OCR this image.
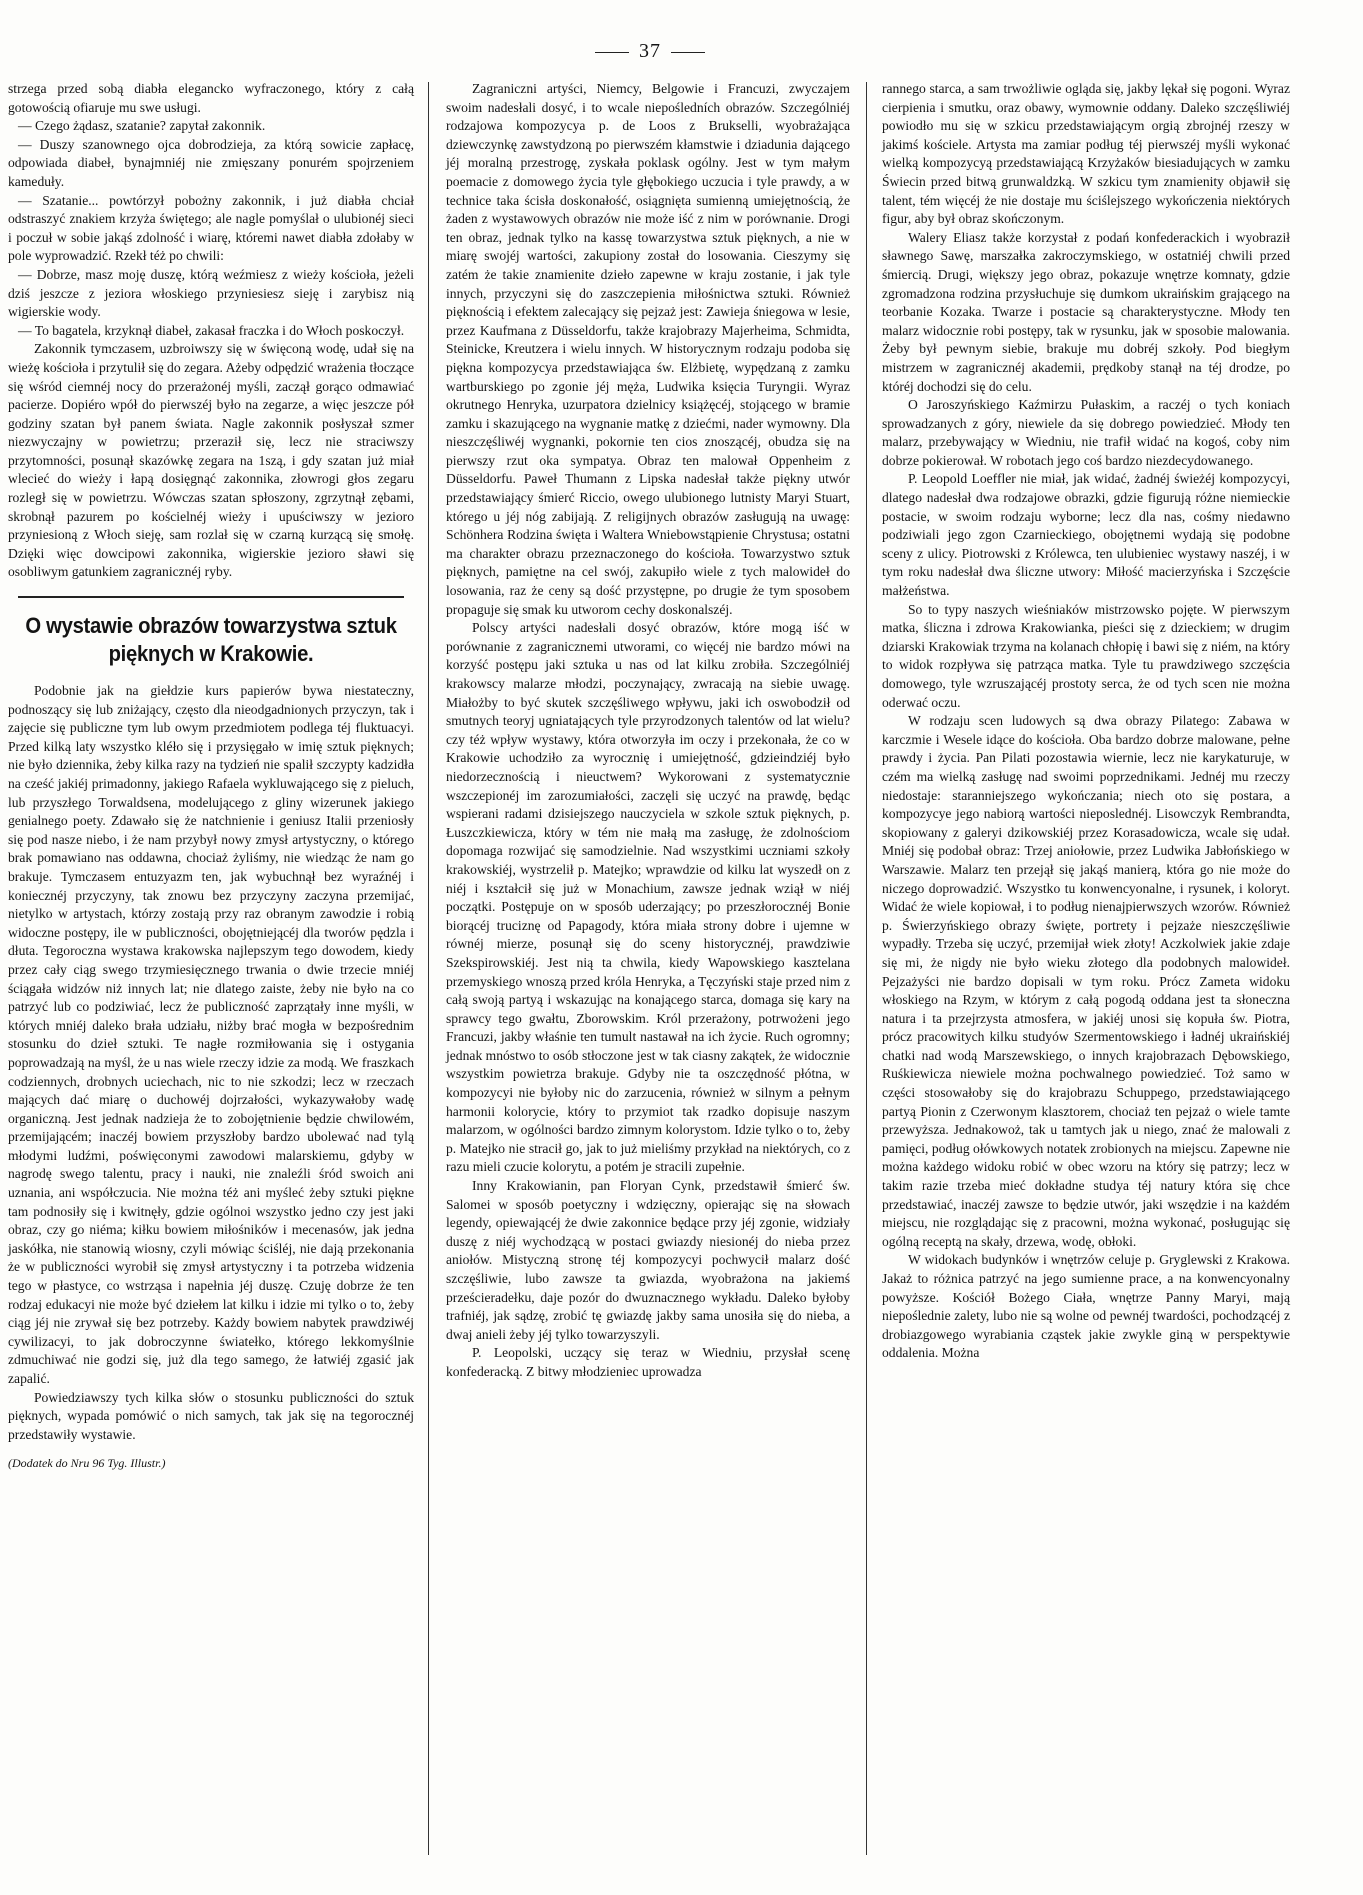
37

strzega przed sobą diabła elegancko wyfraczonego, który z całą gotowością ofiaruje mu swe usługi.

— Czego żądasz, szatanie? zapytał zakonnik.

— Duszy szanownego ojca dobrodzieja, za którą sowicie zapłacę, odpowiada diabeł, bynajmniéj nie zmięszany ponurém spojrzeniem kameduły.

— Szatanie... powtórzył pobożny zakonnik, i już diabła chciał odstraszyć znakiem krzyża świętego; ale nagle pomyślał o ulubionéj sieci i poczuł w sobie jakąś zdolność i wiarę, któremi nawet diabła zdołaby w pole wyprowadzić. Rzekł téż po chwili:

— Dobrze, masz moję duszę, którą weźmiesz z wieży kościoła, jeżeli dziś jeszcze z jeziora włoskiego przyniesiesz sieję i zarybisz nią wigierskie wody.

— To bagatela, krzyknął diabeł, zakasał fraczka i do Włoch poskoczył.

Zakonnik tymczasem, uzbroiwszy się w święconą wodę, udał się na wieżę kościoła i przytulił się do zegara. Ażeby odpędzić wrażenia tłoczące się wśród ciemnéj nocy do przerażonéj myśli, zaczął gorąco odmawiać pacierze. Dopiéro wpół do pierwszéj było na zegarze, a więc jeszcze pół godziny szatan był panem świata. Nagle zakonnik posłyszał szmer niezwyczajny w powietrzu; przeraził się, lecz nie straciwszy przytomności, posunął skazówkę zegara na 1szą, i gdy szatan już miał wlecieć do wieży i łapą dosięgnąć zakonnika, złowrogi głos zegaru rozległ się w powietrzu. Wówczas szatan spłoszony, zgrzytnął zębami, skrobnął pazurem po kościelnéj wieży i upuściwszy w jezioro przyniesioną z Włoch sieję, sam rozlał się w czarną kurzącą się smołę. Dzięki więc dowcipowi zakonnika, wigierskie jezioro sławi się osobliwym gatunkiem zagranicznéj ryby.

O wystawie obrazów towarzystwa sztuk pięknych w Krakowie.

Podobnie jak na giełdzie kurs papierów bywa niestateczny, podnoszący się lub zniżający, często dla nieodgadnionych przyczyn, tak i zajęcie się publiczne tym lub owym przedmiotem podlega téj fluktuacyi. Przed kilką laty wszystko kléło się i przysięgało w imię sztuk pięknych; nie było dziennika, żeby kilka razy na tydzień nie spalił szczypty kadzidła na cześć jakiéj primadonny, jakiego Rafaela wykluwającego się z pieluch, lub przyszłego Torwaldsena, modelującego z gliny wizerunek jakiego genialnego poety. Zdawało się że natchnienie i geniusz Italii przeniosły się pod nasze niebo, i że nam przybył nowy zmysł artystyczny, o którego brak pomawiano nas oddawna, chociaż żyliśmy, nie wiedząc że nam go brakuje. Tymczasem entuzyazm ten, jak wybuchnął bez wyraźnéj i koniecznéj przyczyny, tak znowu bez przyczyny zaczyna przemijać, nietylko w artystach, którzy zostają przy raz obranym zawodzie i robią widoczne postępy, ile w publiczności, obojętniejącéj dla tworów pędzla i dłuta. Tegoroczna wystawa krakowska najlepszym tego dowodem, kiedy przez cały ciąg swego trzymiesięcznego trwania o dwie trzecie mniéj ściągała widzów niż innych lat; nie dlatego zaiste, żeby nie było na co patrzyć lub co podziwiać, lecz że publiczność zaprzątały inne myśli, w których mniéj daleko brała udziału, niżby brać mogła w bezpośrednim stosunku do dzieł sztuki. Te nagłe rozmiłowania się i ostygania poprowadzają na myśl, że u nas wiele rzeczy idzie za modą. We fraszkach codziennych, drobnych uciechach, nic to nie szkodzi; lecz w rzeczach mających dać miarę o duchowéj dojrzałości, wykazywałoby wadę organiczną. Jest jednak nadzieja że to zobojętnienie będzie chwilowém, przemijającém; inaczéj bowiem przyszłoby bardzo ubolewać nad tylą młodymi ludźmi, poświęconymi zawodowi malarskiemu, gdyby w nagrodę swego talentu, pracy i nauki, nie znaleźli śród swoich ani uznania, ani współczucia. Nie można téż ani myśleć żeby sztuki piękne tam podnosiły się i kwitnęły, gdzie ogólnoi wszystko jedno czy jest jaki obraz, czy go niéma; kiłku bowiem miłośników i mecenasów, jak jedna jaskółka, nie stanowią wiosny, czyli mówiąc ściśléj, nie dają przekonania że w publiczności wyrobił się zmysł artystyczny i ta potrzeba widzenia tego w płastyce, co wstrząsa i napełnia jéj duszę. Czuję dobrze że ten rodzaj edukacyi nie może być dziełem lat kilku i idzie mi tylko o to, żeby ciąg jéj nie zrywał się bez potrzeby. Każdy bowiem nabytek prawdziwéj cywilizacyi, to jak dobroczynne światełko, którego lekkomyślnie zdmuchiwać nie godzi się, już dla tego samego, że łatwiéj zgasić jak zapalić.

Powiedziawszy tych kilka słów o stosunku publiczności do sztuk pięknych, wypada pomówić o nich samych, tak jak się na tegorocznéj przedstawiły wystawie.

(Dodatek do Nru 96 Tyg. Illustr.)

Zagraniczni artyści, Niemcy, Belgowie i Francuzi, zwyczajem swoim nadesłali dosyć, i to wcale niepośledních obrazów. Szczególniéj rodzajowa kompozycya p. de Loos z Brukselli, wyobrażająca dziewczynkę zawstydzoną po pierwszém kłamstwie i dziadunia dającego jéj moralną przestrogę, zyskała poklask ogólny. Jest w tym małym poemacie z domowego życia tyle głębokiego uczucia i tyle prawdy, a w technice taka ścisła doskonałość, osiągnięta sumienną umiejętnością, że żaden z wystawowych obrazów nie może iść z nim w porównanie. Drogi ten obraz, jednak tylko na kassę towarzystwa sztuk pięknych, a nie w miarę swojéj wartości, zakupiony został do losowania. Cieszymy się zatém że takie znamienite dzieło zapewne w kraju zostanie, i jak tyle innych, przyczyni się do zaszczepienia miłośnictwa sztuki. Również pięknością i efektem zalecający się pejzaż jest: Zawieja śniegowa w lesie, przez Kaufmana z Düsseldorfu, także krajobrazy Majerheima, Schmidta, Steinicke, Kreutzera i wielu innych. W historycznym rodzaju podoba się piękna kompozycya przedstawiająca św. Elżbietę, wypędzaną z zamku wartburskiego po zgonie jéj męża, Ludwika księcia Turyngii. Wyraz okrutnego Henryka, uzurpatora dzielnicy książęcéj, stojącego w bramie zamku i skazującego na wygnanie matkę z dziećmi, nader wymowny. Dla nieszczęśliwéj wygnanki, pokornie ten cios znoszącéj, obudza się na pierwszy rzut oka sympatya. Obraz ten malował Oppenheim z Düsseldorfu. Paweł Thumann z Lipska nadesłał także piękny utwór przedstawiający śmierć Riccio, owego ulubionego lutnisty Maryi Stuart, którego u jéj nóg zabijają. Z religijnych obrazów zasługują na uwagę: Schönhera Rodzina święta i Waltera Wniebowstąpienie Chrystusa; ostatni ma charakter obrazu przeznaczonego do kościoła. Towarzystwo sztuk pięknych, pamiętne na cel swój, zakupiło wiele z tych malowideł do losowania, raz że ceny są dość przystępne, po drugie że tym sposobem propaguje się smak ku utworom cechy doskonalszéj.

Polscy artyści nadesłali dosyć obrazów, które mogą iść w porównanie z zagranicznemi utworami, co więcéj nie bardzo mówi na korzyść postępu jaki sztuka u nas od lat kilku zrobiła. Szczególniéj krakowscy malarze młodzi, poczynający, zwracają na siebie uwagę. Miałożby to być skutek szczęśliwego wpływu, jaki ich oswobodził od smutnych teoryj ugniatających tyle przyrodzonych talentów od lat wielu? czy téż wpływ wystawy, która otworzyła im oczy i przekonała, że co w Krakowie uchodziło za wyrocznię i umiejętność, gdzieindziéj było niedorzecznością i nieuctwem? Wykorowani z systematycznie wszczepionéj im zarozumiałości, zaczęli się uczyć na prawdę, będąc wspierani radami dzisiejszego nauczyciela w szkole sztuk pięknych, p. Łuszczkiewicza, który w tém nie małą ma zasługę, że zdolnościom dopomaga rozwijać się samodzielnie. Nad wszystkimi uczniami szkoły krakowskiéj, wystrzelił p. Matejko; wprawdzie od kilku lat wyszedł on z niéj i kształcił się już w Monachium, zawsze jednak wziął w niéj początki. Postępuje on w sposób uderzający; po przeszłorocznéj Bonie biorącéj truciznę od Papagody, która miała strony dobre i ujemne w równéj mierze, posunął się do sceny historycznéj, prawdziwie Szekspirowskiéj. Jest nią ta chwila, kiedy Wapowskiego kasztelana przemyskiego wnoszą przed króla Henryka, a Tęczyński staje przed nim z całą swoją partyą i wskazując na konającego starca, domaga się kary na sprawcy tego gwałtu, Zborowskim. Król przerażony, potrwożeni jego Francuzi, jakby właśnie ten tumult nastawał na ich życie. Ruch ogromny; jednak mnóstwo to osób stłoczone jest w tak ciasny zakątek, że widocznie wszystkim powietrza brakuje. Gdyby nie ta oszczędność płótna, w kompozycyi nie byłoby nic do zarzucenia, również w silnym a pełnym harmonii kolorycie, który to przymiot tak rzadko dopisuje naszym malarzom, w ogólności bardzo zimnym kolorystom. Idzie tylko o to, żeby p. Matejko nie stracił go, jak to już mieliśmy przykład na niektórych, co z razu mieli czucie kolorytu, a potém je stracili zupełnie.

Inny Krakowianin, pan Floryan Cynk, przedstawił śmierć św. Salomei w sposób poetyczny i wdzięczny, opierając się na słowach legendy, opiewającéj że dwie zakonnice będące przy jéj zgonie, widziały duszę z niéj wychodzącą w postaci gwiazdy niesionéj do nieba przez aniołów. Mistyczną stronę téj kompozycyi pochwycił malarz dość szczęśliwie, lubo zawsze ta gwiazda, wyobrażona na jakiemś prześcieradełku, daje pozór do dwuznacznego wykładu. Daleko byłoby trafniéj, jak sądzę, zrobić tę gwiazdę jakby sama unosiła się do nieba, a dwaj anieli żeby jéj tylko towarzyszyli.

P. Leopolski, uczący się teraz w Wiedniu, przysłał scenę konfederacką. Z bitwy młodzieniec uprowadza

rannego starca, a sam trwożliwie ogląda się, jakby lękał się pogoni. Wyraz cierpienia i smutku, oraz obawy, wymownie oddany. Daleko szczęśliwiéj powiodło mu się w szkicu przedstawiającym orgią zbrojnéj rzeszy w jakimś kościele. Artysta ma zamiar podług téj pierwszéj myśli wykonać wielką kompozycyą przedstawiającą Krzyżaków biesiadujących w zamku Świecin przed bitwą grunwaldzką. W szkicu tym znamienity objawił się talent, tém więcéj że nie dostaje mu ściślejszego wykończenia niektórych figur, aby był obraz skończonym.

Walery Eliasz także korzystał z podań konfederackich i wyobraził sławnego Sawę, marszałka zakroczymskiego, w ostatniéj chwili przed śmiercią. Drugi, większy jego obraz, pokazuje wnętrze komnaty, gdzie zgromadzona rodzina przysłuchuje się dumkom ukraińskim grającego na teorbanie Kozaka. Twarze i postacie są charakterystyczne. Młody ten malarz widocznie robi postępy, tak w rysunku, jak w sposobie malowania. Żeby był pewnym siebie, brakuje mu dobréj szkoły. Pod biegłym mistrzem w zagranicznéj akademii, prędkoby stanął na téj drodze, po któréj dochodzi się do celu.

O Jaroszyńskiego Kaźmirzu Pułaskim, a raczéj o tych koniach sprowadzanych z góry, niewiele da się dobrego powiedzieć. Młody ten malarz, przebywający w Wiedniu, nie trafił widać na kogoś, coby nim dobrze pokierował. W robotach jego coś bardzo niezdecydowanego.

P. Leopold Loeffler nie miał, jak widać, żadnéj świeżéj kompozycyi, dlatego nadesłał dwa rodzajowe obrazki, gdzie figurują różne niemieckie postacie, w swoim rodzaju wyborne; lecz dla nas, cośmy niedawno podziwiali jego zgon Czarnieckiego, obojętnemi wydają się podobne sceny z ulicy. Piotrowski z Królewca, ten ulubieniec wystawy naszéj, i w tym roku nadesłał dwa śliczne utwory: Miłość macierzyńska i Szczęście małżeństwa.

So to typy naszych wieśniaków mistrzowsko pojęte. W pierwszym matka, śliczna i zdrowa Krakowianka, pieści się z dzieckiem; w drugim dziarski Krakowiak trzyma na kolanach chłopię i bawi się z niém, na który to widok rozpływa się patrząca matka. Tyle tu prawdziwego szczęścia domowego, tyle wzruszającéj prostoty serca, że od tych scen nie można oderwać oczu.

W rodzaju scen ludowych są dwa obrazy Pilatego: Zabawa w karczmie i Wesele idące do kościoła. Oba bardzo dobrze malowane, pełne prawdy i życia. Pan Pilati pozostawia wiernie, lecz nie karykaturuje, w czém ma wielką zasługę nad swoimi poprzednikami. Jednéj mu rzeczy niedostaje: staranniejszego wykończania; niech oto się postara, a kompozycye jego nabiorą wartości nieposlednéj. Lisowczyk Rembrandta, skopiowany z galeryi dzikowskiéj przez Korasadowicza, wcale się udał. Mniéj się podobał obraz: Trzej aniołowie, przez Ludwika Jabłońskiego w Warszawie. Malarz ten przejął się jakąś manierą, która go nie może do niczego doprowadzić. Wszystko tu konwencyonalne, i rysunek, i koloryt. Widać że wiele kopiował, i to podług nienajpierwszych wzorów. Również p. Świerzyńskiego obrazy święte, portrety i pejzaże nieszczęśliwie wypadły. Trzeba się uczyć, przemijał wiek złoty! Aczkolwiek jakie zdaje się mi, że nigdy nie było wieku złotego dla podobnych malowideł. Pejzażyści nie bardzo dopisali w tym roku. Prócz Zameta widoku włoskiego na Rzym, w którym z całą pogodą oddana jest ta słoneczna natura i ta przejrzysta atmosfera, w jakiéj unosi się kopuła św. Piotra, prócz pracowitych kilku studyów Szermentowskiego i ładnéj ukraińskiéj chatki nad wodą Marszewskiego, o innych krajobrazach Dębowskiego, Ruśkiewicza niewiele można pochwalnego powiedzieć. Toż samo w części stosowałoby się do krajobrazu Schuppego, przedstawiającego partyą Pionin z Czerwonym klasztorem, chociaż ten pejzaż o wiele tamte przewyższa. Jednakowoż, tak u tamtych jak u niego, znać że malowali z pamięci, podług ołówkowych notatek zrobionych na miejscu. Zapewne nie można każdego widoku robić w obec wzoru na który się patrzy; lecz w takim razie trzeba mieć dokładne studya téj natury która się chce przedstawiać, inaczéj zawsze to będzie utwór, jaki wszędzie i na każdém miejscu, nie rozglądając się z pracowni, można wykonać, posługując się ogólną receptą na skały, drzewa, wodę, obłoki.

W widokach budynków i wnętrzów celuje p. Gryglewski z Krakowa. Jakaż to różnica patrzyć na jego sumienne prace, a na konwencyonalny powyższe. Kościół Bożego Ciała, wnętrze Panny Maryi, mają niepoślednie zalety, lubo nie są wolne od pewnéj twardości, pochodzącéj z drobiazgowego wyrabiania cząstek jakie zwykle giną w perspektywie oddalenia. Można
